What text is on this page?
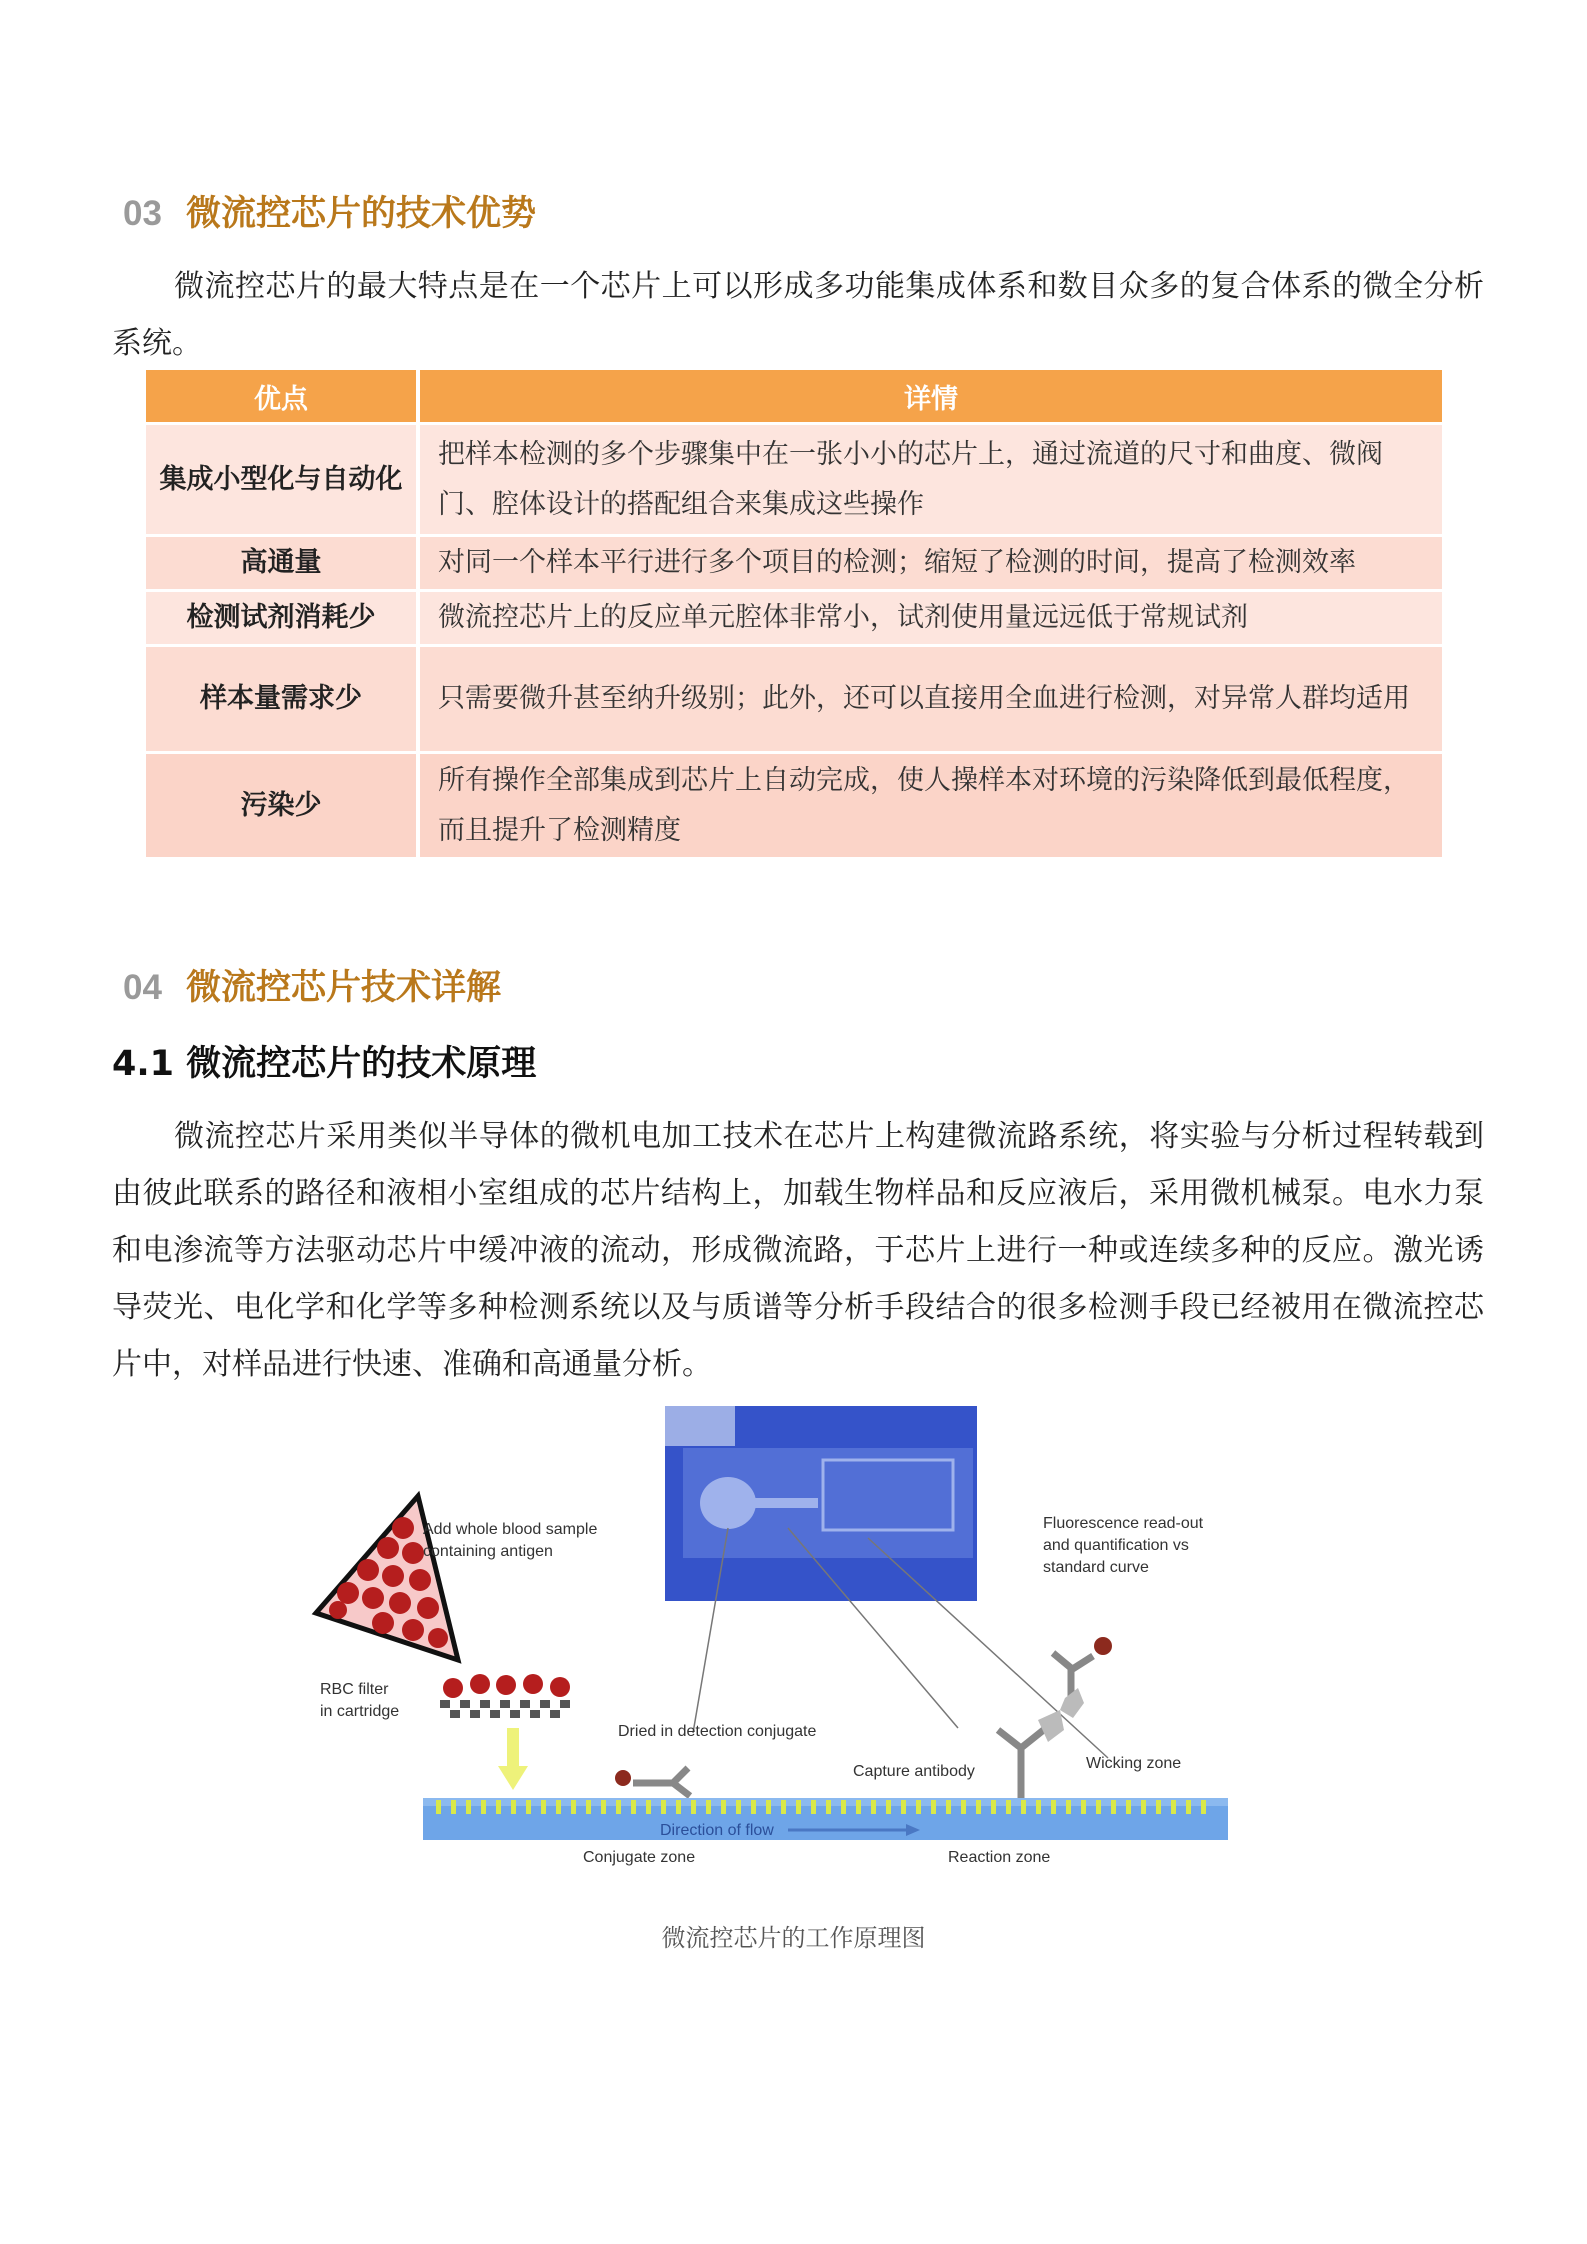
03 微流控芯片的技术优势

微流控芯片的最大特点是在一个芯片上可以形成多功能集成体系和数目众多的复合体系的微全分析系统。

优点	详情
集成小型化与自动化	把样本检测的多个步骤集中在一张小小的芯片上，通过流道的尺寸和曲度、微阀门、腔体设计的搭配组合来集成这些操作
高通量	对同一个样本平行进行多个项目的检测；缩短了检测的时间，提高了检测效率
检测试剂消耗少	微流控芯片上的反应单元腔体非常小，试剂使用量远远低于常规试剂
样本量需求少	只需要微升甚至纳升级别；此外，还可以直接用全血进行检测，对异常人群均适用
污染少	所有操作全部集成到芯片上自动完成，使人操样本对环境的污染降低到最低程度，而且提升了检测精度
04 微流控芯片技术详解
4.1 微流控芯片的技术原理

微流控芯片采用类似半导体的微机电加工技术在芯片上构建微流路系统，将实验与分析过程转载到由彼此联系的路径和液相小室组成的芯片结构上，加载生物样品和反应液后，采用微机械泵。电水力泵和电渗流等方法驱动芯片中缓冲液的流动，形成微流路，于芯片上进行一种或连续多种的反应。激光诱导荧光、电化学和化学等多种检测系统以及与质谱等分析手段结合的很多检测手段已经被用在微流控芯片中，对样品进行快速、准确和高通量分析。

Add whole blood sample
containing antigen
RBC filter
in cartridge
Fluorescence read-out
and quantification vs
standard curve
Dried in detection conjugate
Capture antibody	Wicking zone
Direction of flow
Conjugate zone	Reaction zone
微流控芯片的工作原理图
